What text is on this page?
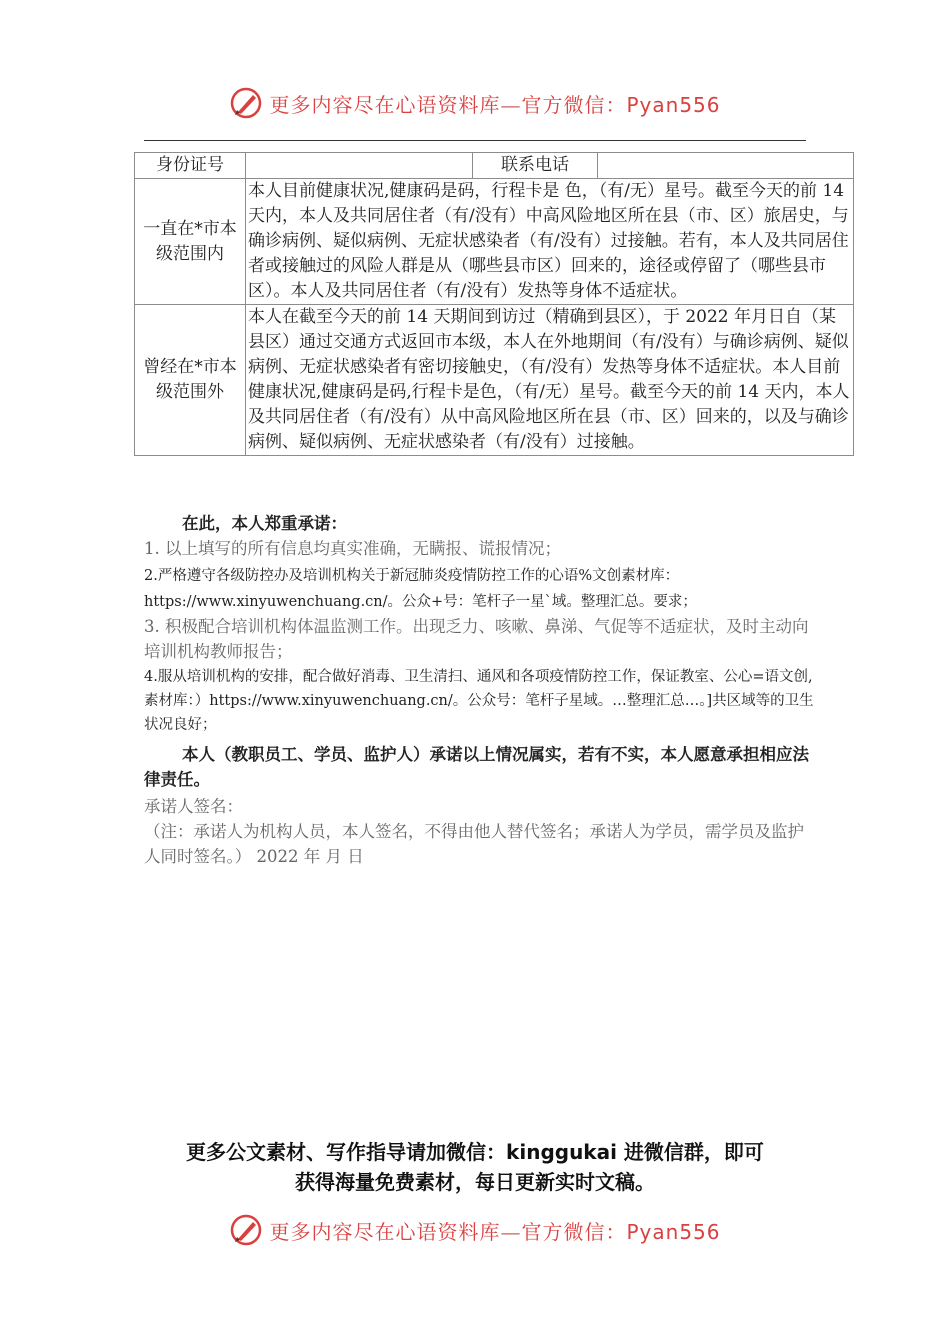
更多内容尽在心语资料库—官方微信：Pyan556
身份证号		联系电话	
一直在*市本级范围内	本人目前健康状况,健康码是码，行程卡是 色，（有/无）星号。截至今天的前 14 天内，本人及共同居住者（有/没有）中高风险地区所在县（市、区）旅居史，与确诊病例、疑似病例、无症状感染者（有/没有）过接触。若有，本人及共同居住者或接触过的风险人群是从（哪些县市区）回来的，途径或停留了（哪些县市区）。本人及共同居住者（有/没有）发热等身体不适症状。		
曾经在*市本级范围外	本人在截至今天的前 14 天期间到访过（精确到县区），于 2022 年月日自（某县区）通过交通方式返回市本级，本人在外地期间（有/没有）与确诊病例、疑似病例、无症状感染者有密切接触史，（有/没有）发热等身体不适症状。本人目前健康状况,健康码是码,行程卡是色，（有/无）星号。截至今天的前 14 天内，本人及共同居住者（有/没有）从中高风险地区所在县（市、区）回来的，以及与确诊病例、疑似病例、无症状感染者（有/没有）过接触。		
在此，本人郑重承诺：
1. 以上填写的所有信息均真实准确，无瞒报、谎报情况；
2.严格遵守各级防控办及培训机构关于新冠肺炎疫情防控工作的心语%文创素材库：https://www.xinyuwenchuang.cn/。公众+号：笔杆子一星`域。整理汇总。要求；
3. 积极配合培训机构体温监测工作。出现乏力、咳嗽、鼻涕、气促等不适症状，及时主动向培训机构教师报告；
4.服从培训机构的安排，配合做好消毒、卫生清扫、通风和各项疫情防控工作，保证教室、公心=语文创,素材库：）https://www.xinyuwenchuang.cn/。公众号：笔杆子星域。…整理汇总…。]共区域等的卫生状况良好；
本人（教职员工、学员、监护人）承诺以上情况属实，若有不实，本人愿意承担相应法律责任。
承诺人签名：
（注：承诺人为机构人员，本人签名，不得由他人替代签名；承诺人为学员，需学员及监护人同时签名。） 2022 年 月 日
更多公文素材、写作指导请加微信：kinggukai 进微信群，即可
获得海量免费素材，每日更新实时文稿。
更多内容尽在心语资料库—官方微信：Pyan556
